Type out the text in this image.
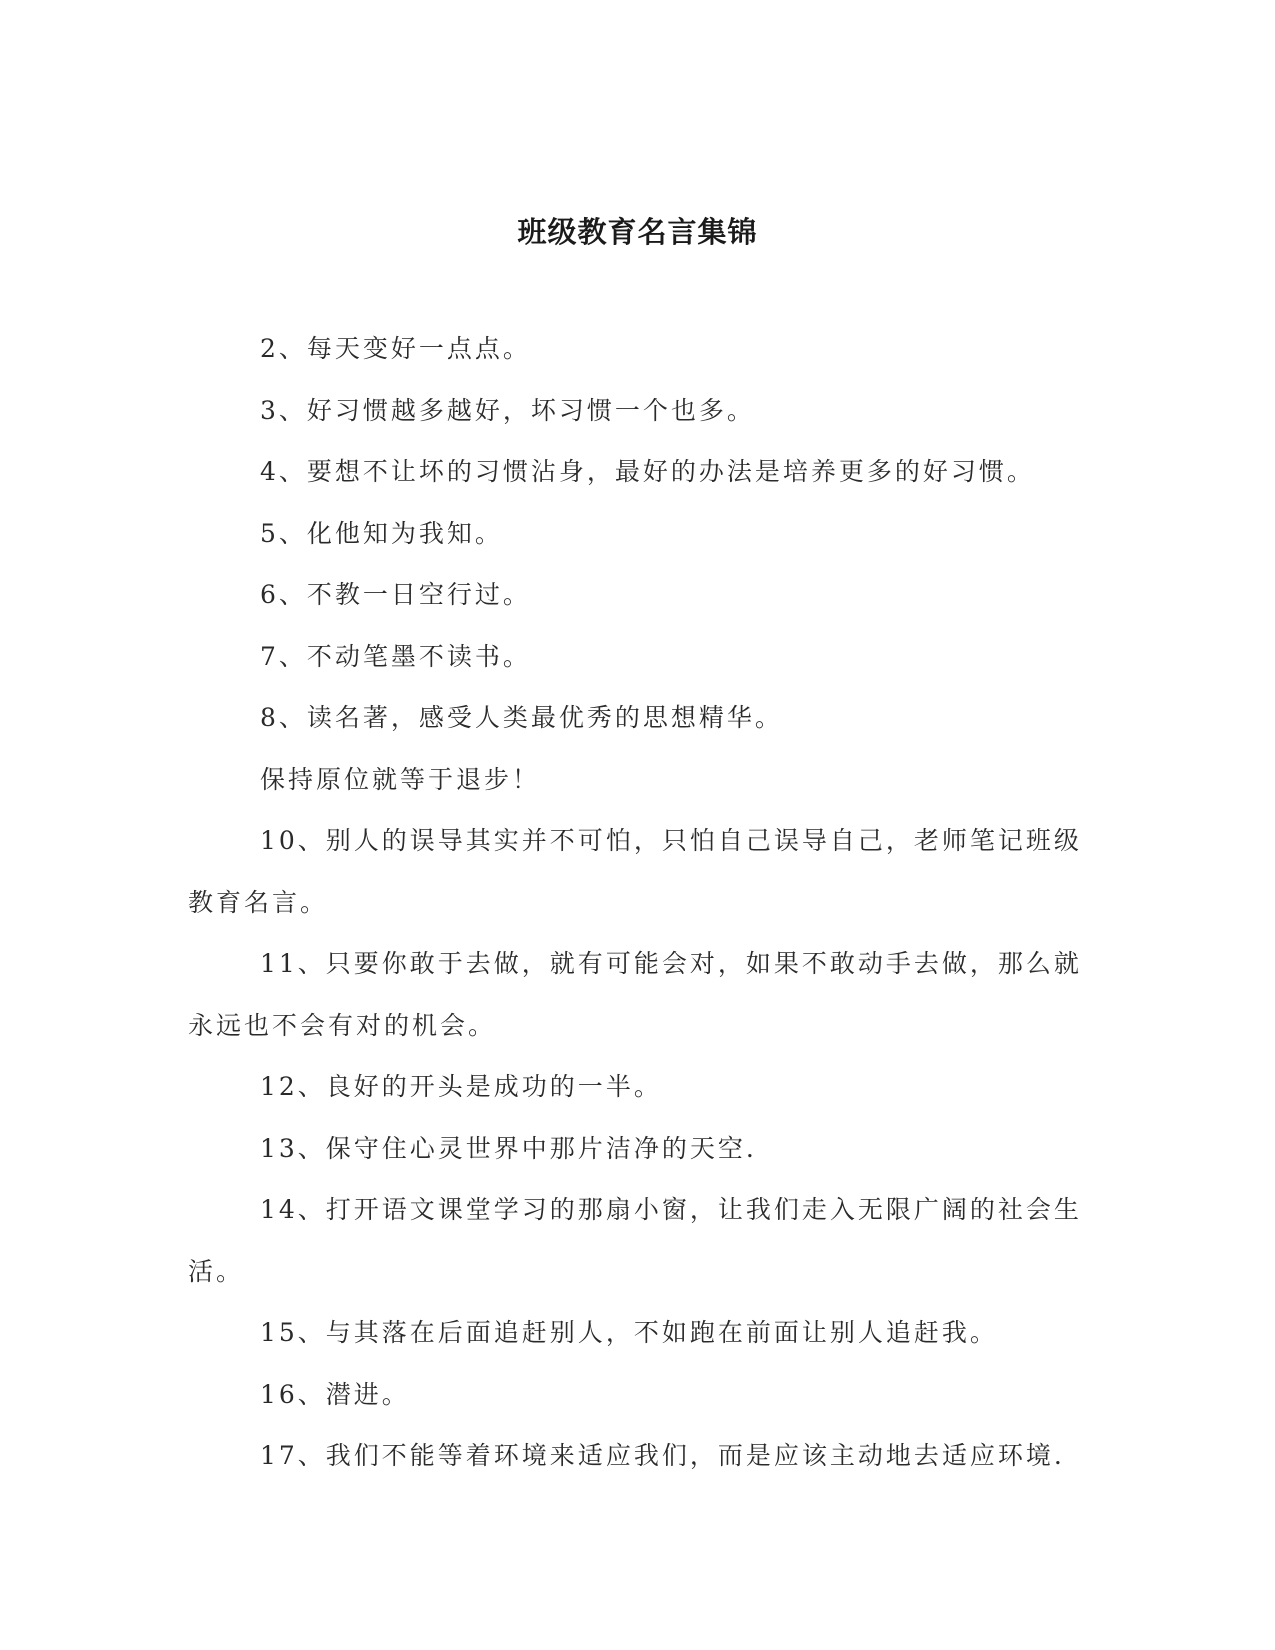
班级教育名言集锦

2、每天变好一点点。

3、好习惯越多越好，坏习惯一个也多。

4、要想不让坏的习惯沾身，最好的办法是培养更多的好习惯。

5、化他知为我知。

6、不教一日空行过。

7、不动笔墨不读书。

8、读名著，感受人类最优秀的思想精华。

保持原位就等于退步！

10、别人的误导其实并不可怕，只怕自己误导自己，老师笔记班级教育名言。

11、只要你敢于去做，就有可能会对，如果不敢动手去做，那么就永远也不会有对的机会。

12、良好的开头是成功的一半。

13、保守住心灵世界中那片洁净的天空.

14、打开语文课堂学习的那扇小窗，让我们走入无限广阔的社会生活。

15、与其落在后面追赶别人，不如跑在前面让别人追赶我。

16、潜进。

17、我们不能等着环境来适应我们，而是应该主动地去适应环境.
